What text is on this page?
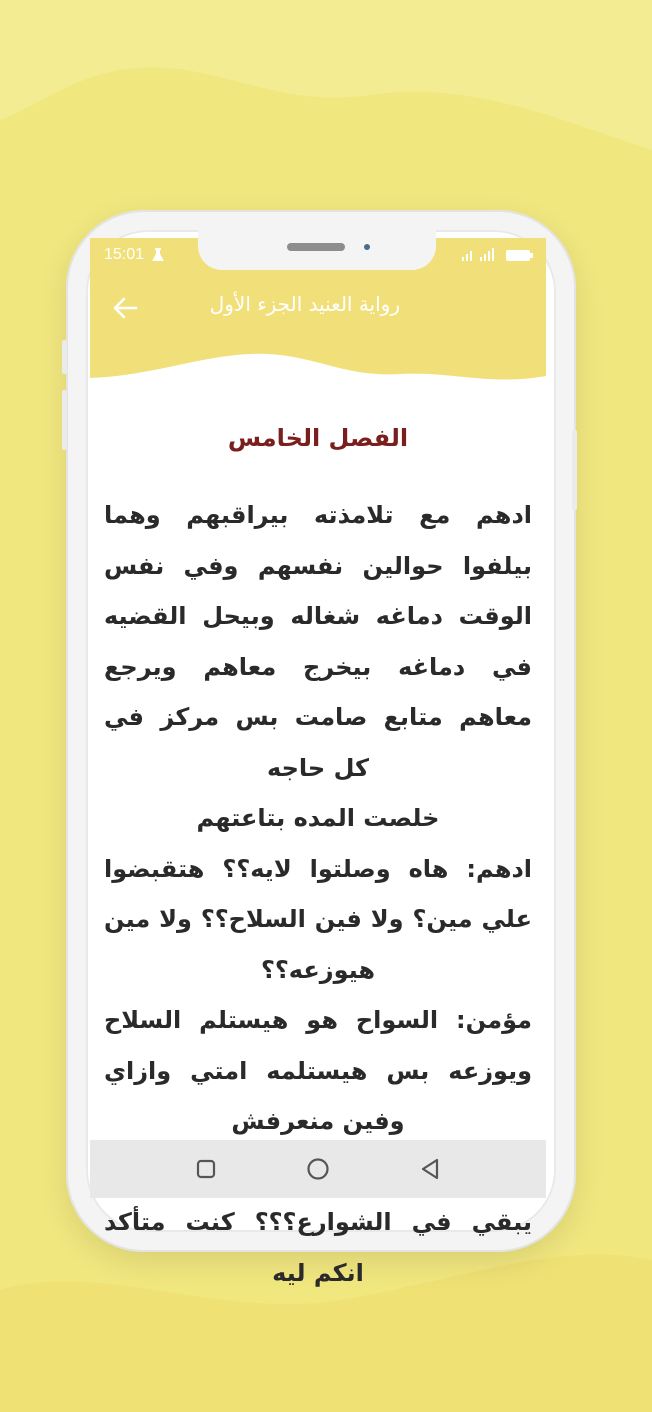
15:01
رواية العنيد الجزء الأول
الفصل الخامس

ادهم مع تلامذته بيراقبهم وهما بيلفوا حوالين نفسهم وفي نفس الوقت دماغه شغاله وبيحل القضيه في دماغه بيخرج معاهم ويرجع معاهم متابع صامت بس مركز في كل حاجه

خلصت المده بتاعتهم

ادهم: هاه وصلتوا لايه؟؟ هتقبضوا علي مين؟ ولا فين السلاح؟؟ ولا مين هيوزعه؟؟

مؤمن: السواح هو هيستلم السلاح ويوزعه بس هيستلمه امتي وازاي وفين منعرفش

يبقي في الشوارع؟؟؟ كنت متأكد انكم ليه
